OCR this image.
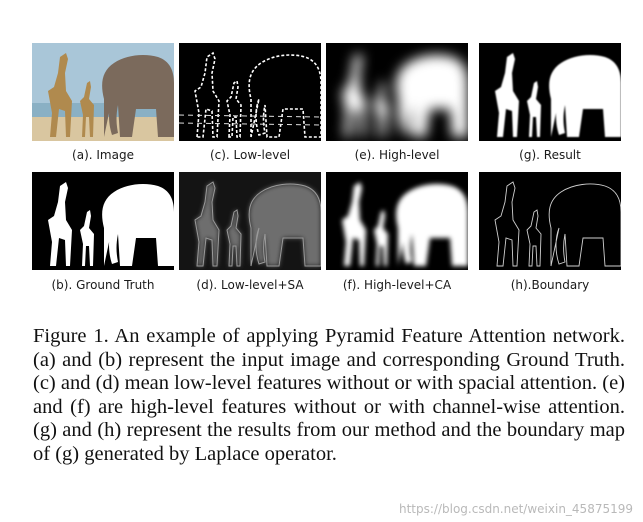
(a). Image	(c). Low-level	(e). High-level	(g). Result
(b). Ground Truth	(d). Low-level+SA	(f). High-level+CA	(h).Boundary
Figure 1. An example of applying Pyramid Feature Attention network.(a) and (b) represent the input image and corresponding Ground Truth. (c) and (d) mean low-level features without or with spacial attention. (e) and (f) are high-level features without or with channel-wise attention. (g) and (h) represent the results from our method and the boundary map of (g) generated by Laplace operator.
https://blog.csdn.net/weixin_45875199
